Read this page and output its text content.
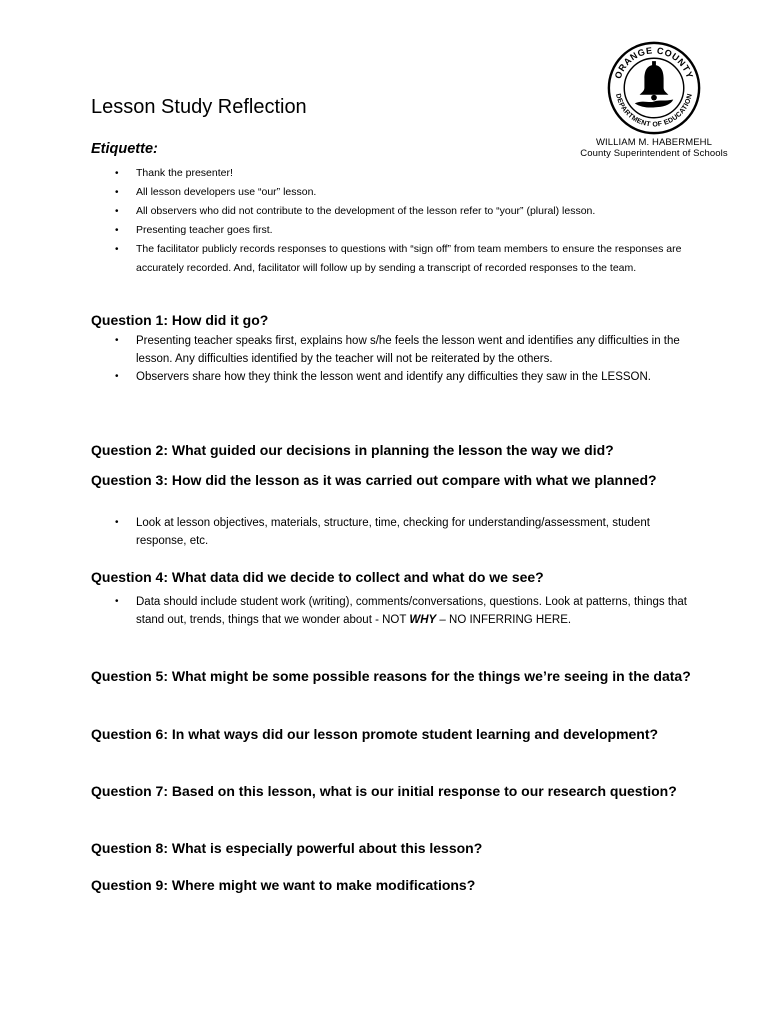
ORANGE COUNTY
DEPARTMENT OF EDUCATION
WILLIAM M. HABERMEHL
County Superintendent of Schools
Lesson Study Reflection
Etiquette:
• Thank the presenter!
• All lesson developers use “our” lesson.
• All observers who did not contribute to the development of the lesson refer to “your” (plural) lesson.
• Presenting teacher goes first.
• The facilitator publicly records responses to questions with “sign off” from team members to ensure the responses are accurately recorded. And, facilitator will follow up by sending a transcript of recorded responses to the team.
Question 1: How did it go?
• Presenting teacher speaks first, explains how s/he feels the lesson went and identifies any difficulties in the lesson. Any difficulties identified by the teacher will not be reiterated by the others.
• Observers share how they think the lesson went and identify any difficulties they saw in the LESSON.
Question 2: What guided our decisions in planning the lesson the way we did?
Question 3: How did the lesson as it was carried out compare with what we planned?
• Look at lesson objectives, materials, structure, time, checking for understanding/assessment, student response, etc.
Question 4: What data did we decide to collect and what do we see?
• Data should include student work (writing), comments/conversations, questions. Look at patterns, things that stand out, trends, things that we wonder about - NOT WHY – NO INFERRING HERE.
Question 5: What might be some possible reasons for the things we’re seeing in the data?
Question 6: In what ways did our lesson promote student learning and development?
Question 7: Based on this lesson, what is our initial response to our research question?
Question 8: What is especially powerful about this lesson?
Question 9: Where might we want to make modifications?
